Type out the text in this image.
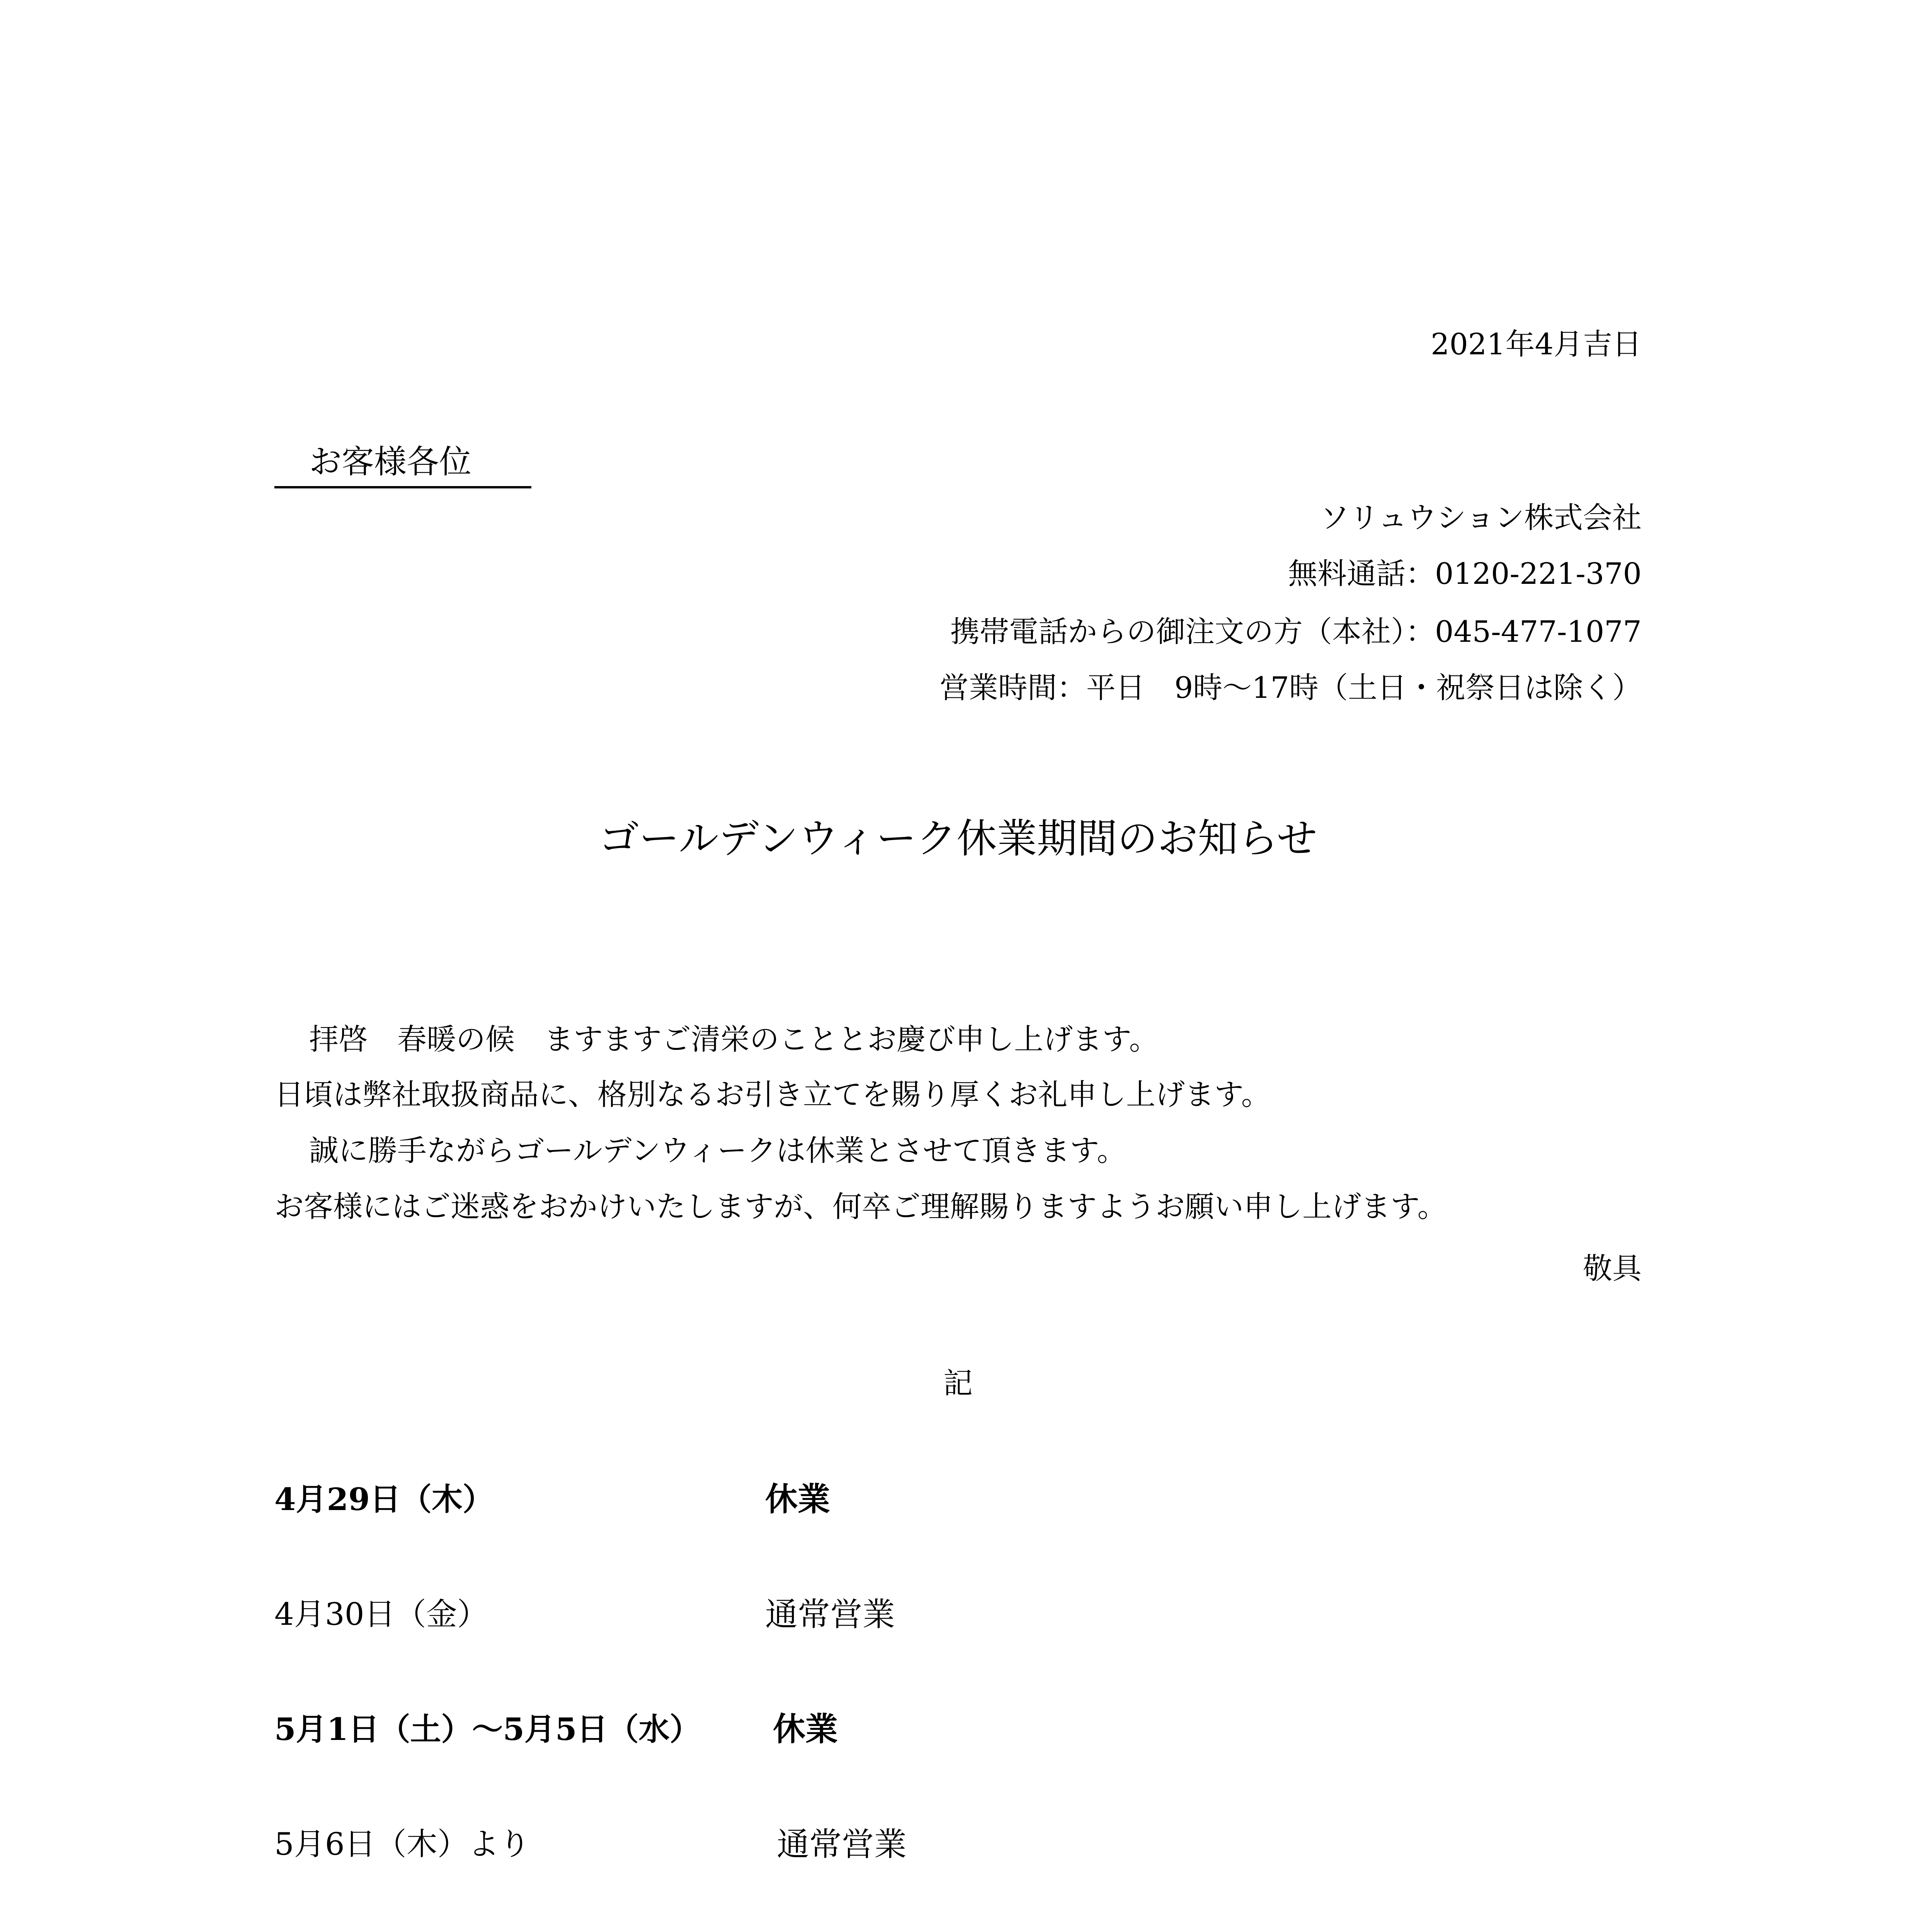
2021年4月吉日
お客様各位
ソリュウション株式会社
無料通話：0120-221-370
携帯電話からの御注文の方（本社）：045-477-1077
営業時間：平日　9時～17時（土日・祝祭日は除く）
ゴールデンウィーク休業期間のお知らせ
拝啓　春暖の候　ますますご清栄のこととお慶び申し上げます。
日頃は弊社取扱商品に、格別なるお引き立てを賜り厚くお礼申し上げます。
誠に勝手ながらゴールデンウィークは休業とさせて頂きます。
お客様にはご迷惑をおかけいたしますが、何卒ご理解賜りますようお願い申し上げます。
敬具
記
4月29日（木）	休業
4月30日（金）	通常営業
5月1日（土）～5月5日（水） 休業
5月6日（木）より	通常営業
